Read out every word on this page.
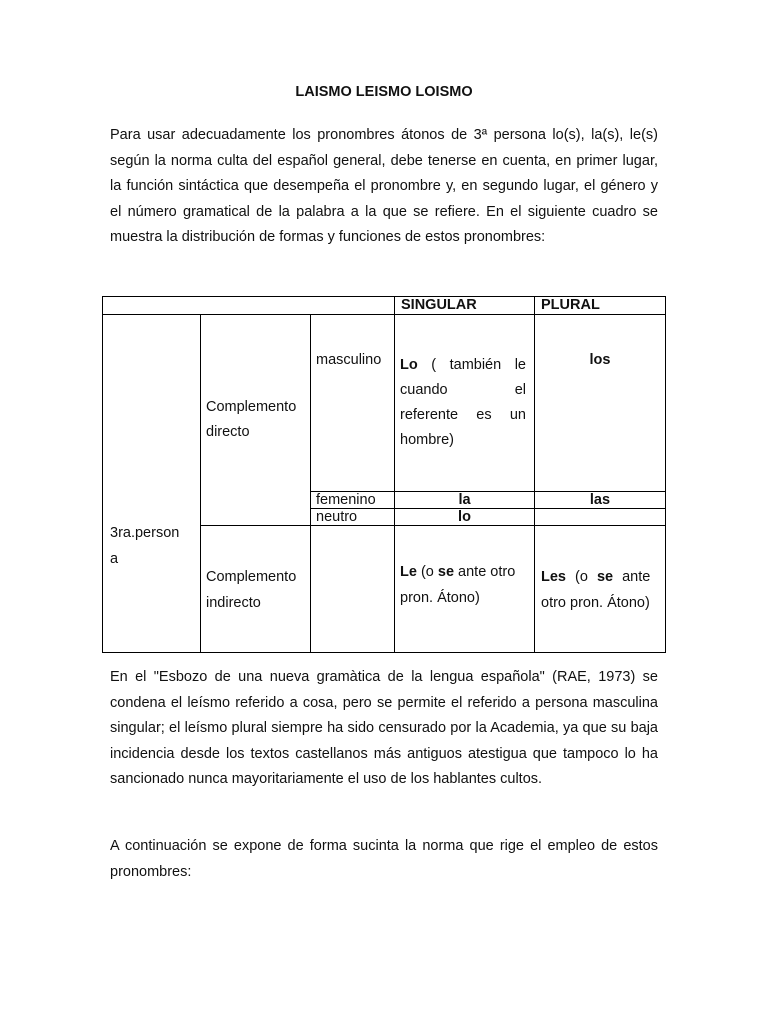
LAISMO LEISMO LOISMO

Para usar adecuadamente los pronombres átonos de 3ª persona lo(s), la(s), le(s) según la norma culta del español general, debe tenerse en cuenta, en primer lugar, la función sintáctica que desempeña el pronombre y, en segundo lugar, el género y el número gramatical de la palabra a la que se refiere. En el siguiente cuadro se muestra la distribución de formas y funciones de estos pronombres:

SINGULAR	PLURAL
3ra.person
a
Complemento
directo
Complemento
indirecto
masculino
femenino
neutro
Lo ( también le
cuando el
referente es un
hombre)
los
la	las
lo
Le (o se ante otro
pron. Átono)
Les (o se ante
otro pron. Átono)

En el "Esbozo de una nueva gramàtica de la lengua española" (RAE, 1973) se condena el leísmo referido a cosa, pero se permite el referido a persona masculina singular; el leísmo plural siempre ha sido censurado por la Academia, ya que su baja incidencia desde los textos castellanos más antiguos atestigua que tampoco lo ha sancionado nunca mayoritariamente el uso de los hablantes cultos.

A continuación se expone de forma sucinta la norma que rige el empleo de estos pronombres:
